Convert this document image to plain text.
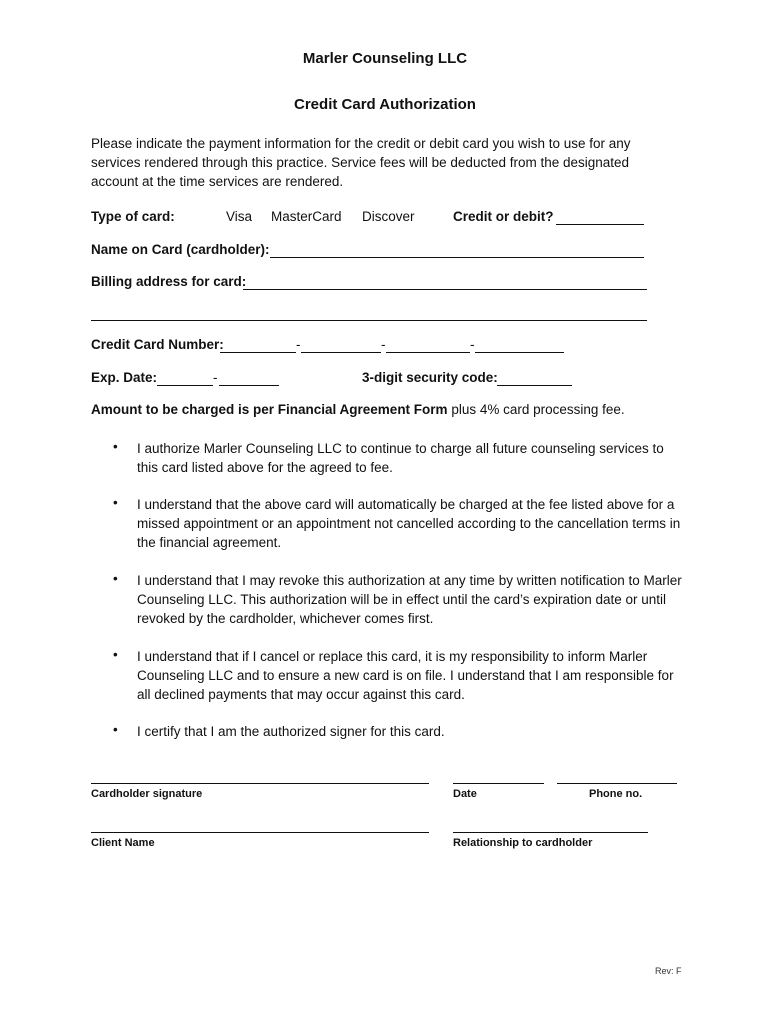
Marler Counseling LLC
Credit Card Authorization
Please indicate the payment information for the credit or debit card you wish to use for any services rendered through this practice. Service fees will be deducted from the designated account at the time services are rendered.
Type of card:	Visa MasterCard Discover	Credit or debit?
Name on Card (cardholder):
Billing address for card:
Credit Card Number:	-	-	-
Exp. Date:	-	3-digit security code:
Amount to be charged is per Financial Agreement Form plus 4% card processing fee.
• I authorize Marler Counseling LLC to continue to charge all future counseling services to this card listed above for the agreed to fee.
• I understand that the above card will automatically be charged at the fee listed above for a missed appointment or an appointment not cancelled according to the cancellation terms in the financial agreement.
• I understand that I may revoke this authorization at any time by written notification to Marler Counseling LLC. This authorization will be in effect until the card’s expiration date or until revoked by the cardholder, whichever comes first.
• I understand that if I cancel or replace this card, it is my responsibility to inform Marler Counseling LLC and to ensure a new card is on file. I understand that I am responsible for all declined payments that may occur against this card.
• I certify that I am the authorized signer for this card.
Cardholder signature	Date	Phone no.
Client Name	Relationship to cardholder
Rev: F
